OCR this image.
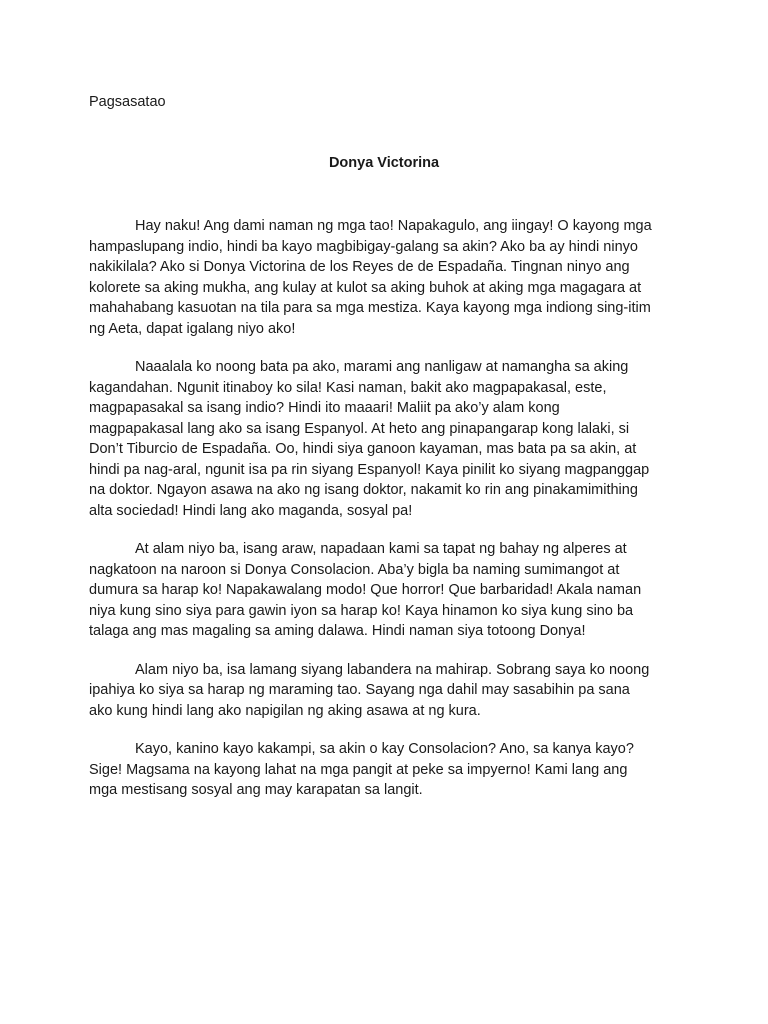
Pagsasatao
Donya Victorina

Hay naku! Ang dami naman ng mga tao! Napakagulo, ang iingay! O kayong mga
hampaslupang indio, hindi ba kayo magbibigay-galang sa akin? Ako ba ay hindi ninyo
nakikilala? Ako si Donya Victorina de los Reyes de de Espadaña. Tingnan ninyo ang
kolorete sa aking mukha, ang kulay at kulot sa aking buhok at aking mga magagara at
mahahabang kasuotan na tila para sa mga mestiza. Kaya kayong mga indiong sing-itim
ng Aeta, dapat igalang niyo ako!

Naaalala ko noong bata pa ako, marami ang nanligaw at namangha sa aking
kagandahan. Ngunit itinaboy ko sila! Kasi naman, bakit ako magpapakasal, este,
magpapasakal sa isang indio? Hindi ito maaari! Maliit pa ako’y alam kong
magpapakasal lang ako sa isang Espanyol. At heto ang pinapangarap kong lalaki, si
Don’t Tiburcio de Espadaña. Oo, hindi siya ganoon kayaman, mas bata pa sa akin, at
hindi pa nag-aral, ngunit isa pa rin siyang Espanyol! Kaya pinilit ko siyang magpanggap
na doktor. Ngayon asawa na ako ng isang doktor, nakamit ko rin ang pinakamimithing
alta sociedad! Hindi lang ako maganda, sosyal pa!

At alam niyo ba, isang araw, napadaan kami sa tapat ng bahay ng alperes at
nagkatoon na naroon si Donya Consolacion. Aba’y bigla ba naming sumimangot at
dumura sa harap ko! Napakawalang modo! Que horror! Que barbaridad! Akala naman
niya kung sino siya para gawin iyon sa harap ko! Kaya hinamon ko siya kung sino ba
talaga ang mas magaling sa aming dalawa. Hindi naman siya totoong Donya!

Alam niyo ba, isa lamang siyang labandera na mahirap. Sobrang saya ko noong
ipahiya ko siya sa harap ng maraming tao. Sayang nga dahil may sasabihin pa sana
ako kung hindi lang ako napigilan ng aking asawa at ng kura.

Kayo, kanino kayo kakampi, sa akin o kay Consolacion? Ano, sa kanya kayo?
Sige! Magsama na kayong lahat na mga pangit at peke sa impyerno! Kami lang ang
mga mestisang sosyal ang may karapatan sa langit.
